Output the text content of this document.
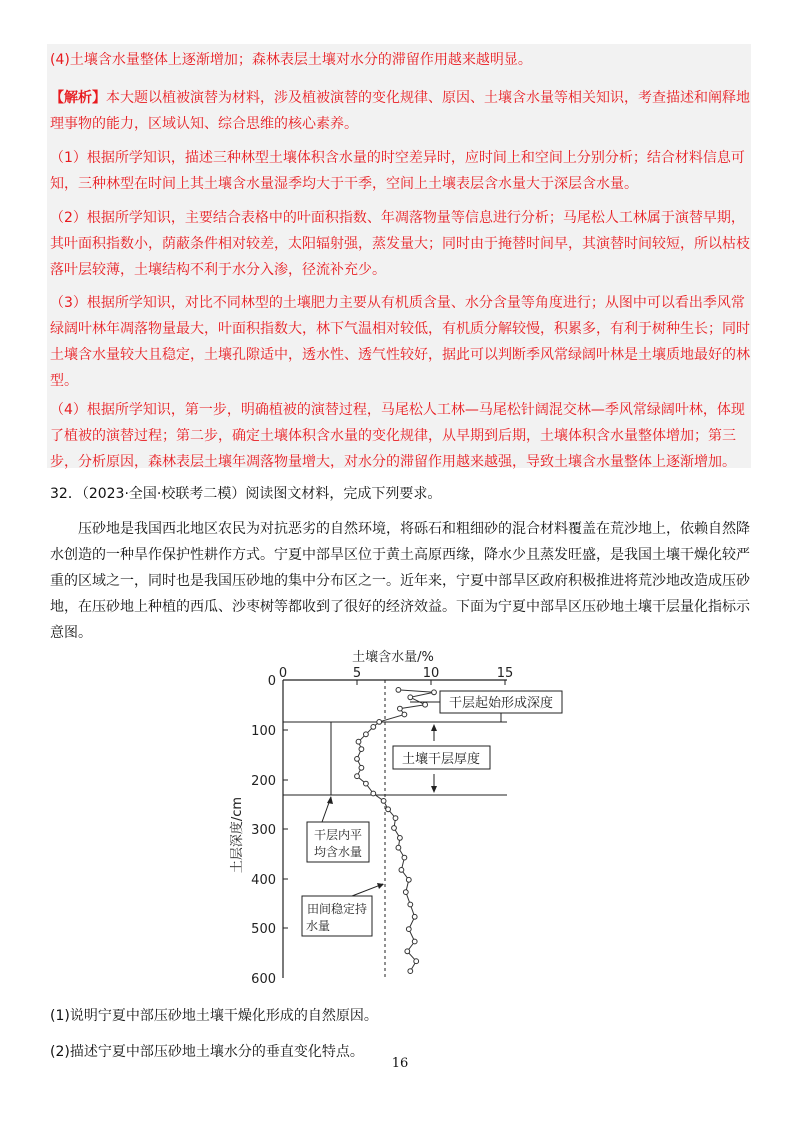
(4)土壤含水量整体上逐渐增加；森林表层土壤对水分的滞留作用越来越明显。

【解析】本大题以植被演替为材料，涉及植被演替的变化规律、原因、土壤含水量等相关知识，考查描述和阐释地理事物的能力，区域认知、综合思维的核心素养。

（1）根据所学知识，描述三种林型土壤体积含水量的时空差异时，应时间上和空间上分别分析；结合材料信息可知，三种林型在时间上其土壤含水量湿季均大于干季，空间上土壤表层含水量大于深层含水量。

（2）根据所学知识，主要结合表格中的叶面积指数、年凋落物量等信息进行分析；马尾松人工林属于演替早期，其叶面积指数小，荫蔽条件相对较差，太阳辐射强，蒸发量大；同时由于掩替时间早，其演替时间较短，所以枯枝落叶层较薄，土壤结构不利于水分入渗，径流补充少。

（3）根据所学知识，对比不同林型的土壤肥力主要从有机质含量、水分含量等角度进行；从图中可以看出季风常绿阔叶林年凋落物量最大，叶面积指数大，林下气温相对较低，有机质分解较慢，积累多，有利于树种生长；同时土壤含水量较大且稳定，土壤孔隙适中，透水性、透气性较好，据此可以判断季风常绿阔叶林是土壤质地最好的林型。

（4）根据所学知识，第一步，明确植被的演替过程，马尾松人工林—马尾松针阔混交林—季风常绿阔叶林，体现了植被的演替过程；第二步，确定土壤体积含水量的变化规律，从早期到后期，土壤体积含水量整体增加；第三步，分析原因，森林表层土壤年凋落物量增大，对水分的滞留作用越来越强，导致土壤含水量整体上逐渐增加。

32．（2023·全国·校联考二模）阅读图文材料，完成下列要求。

压砂地是我国西北地区农民为对抗恶劣的自然环境，将砾石和粗细砂的混合材料覆盖在荒沙地上，依赖自然降水创造的一种旱作保护性耕作方式。宁夏中部旱区位于黄土高原西缘，降水少且蒸发旺盛，是我国土壤干燥化较严重的区域之一，同时也是我国压砂地的集中分布区之一。近年来，宁夏中部旱区政府积极推进将荒沙地改造成压砂地，在压砂地上种植的西瓜、沙枣树等都收到了很好的经济效益。下面为宁夏中部旱区压砂地土壤干层量化指标示意图。

土壤含水量/%
0	5	10	15
0
100
200
300
400
500
600
土层深度/cm
干层起始形成深度
土壤干层厚度
干层内平
均含水量
田间稳定持
水量

(1)说明宁夏中部压砂地土壤干燥化形成的自然原因。

(2)描述宁夏中部压砂地土壤水分的垂直变化特点。

16
